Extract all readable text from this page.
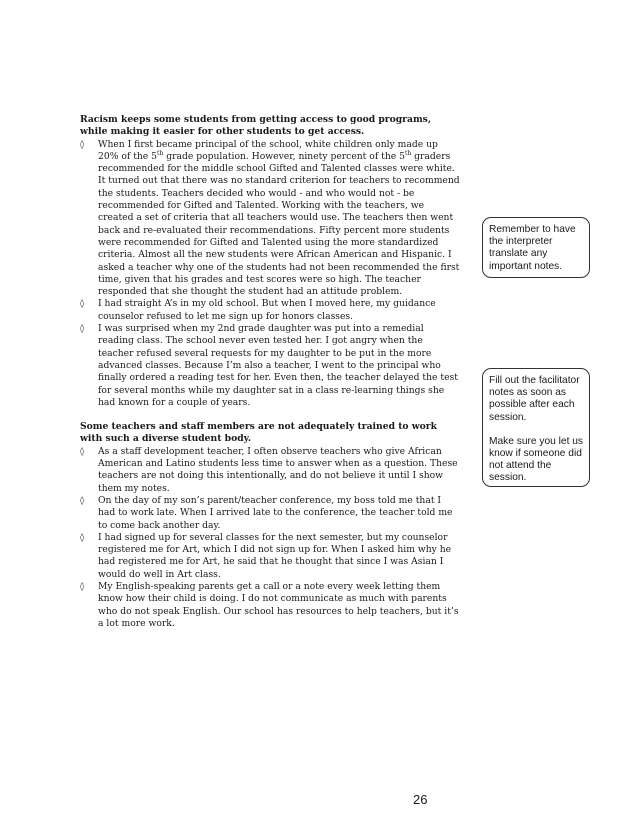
Racism keeps some students from getting access to good programs, while making it easier for other students to get access.

◊ When I first became principal of the school, white children only made up 20% of the 5th grade population. However, ninety percent of the 5th graders recommended for the middle school Gifted and Talented classes were white. It turned out that there was no standard criterion for teachers to recommend the students. Teachers decided who would - and who would not - be recommended for Gifted and Talented. Working with the teachers, we created a set of criteria that all teachers would use. The teachers then went back and re-evaluated their recommendations. Fifty percent more students were recommended for Gifted and Talented using the more standardized criteria. Almost all the new students were African American and Hispanic. I asked a teacher why one of the students had not been recommended the first time, given that his grades and test scores were so high. The teacher responded that she thought the student had an attitude problem.

◊ I had straight A’s in my old school. But when I moved here, my guidance counselor refused to let me sign up for honors classes.

◊ I was surprised when my 2nd grade daughter was put into a remedial reading class. The school never even tested her. I got angry when the teacher refused several requests for my daughter to be put in the more advanced classes. Because I’m also a teacher, I went to the principal who finally ordered a reading test for her. Even then, the teacher delayed the test for several months while my daughter sat in a class re-learning things she had known for a couple of years.

Some teachers and staff members are not adequately trained to work with such a diverse student body.

◊ As a staff development teacher, I often observe teachers who give African American and Latino students less time to answer when as a question. These teachers are not doing this intentionally, and do not believe it until I show them my notes.

◊ On the day of my son’s parent/teacher conference, my boss told me that I had to work late. When I arrived late to the conference, the teacher told me to come back another day.

◊ I had signed up for several classes for the next semester, but my counselor registered me for Art, which I did not sign up for. When I asked him why he had registered me for Art, he said that he thought that since I was Asian I would do well in Art class.

◊ My English-speaking parents get a call or a note every week letting them know how their child is doing. I do not communicate as much with parents who do not speak English. Our school has resources to help teachers, but it’s a lot more work.

Remember to have the interpreter translate any important notes.

Fill out the facilitator notes as soon as possible after each session.

Make sure you let us know if someone did not attend the session.

26
